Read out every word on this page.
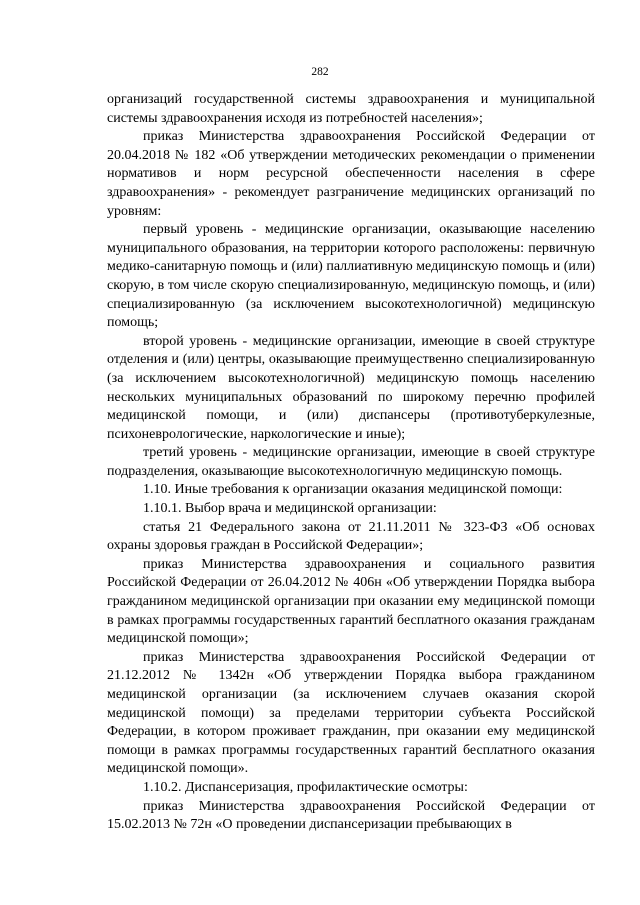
282

организаций государственной системы здравоохранения и муниципальной системы здравоохранения исходя из потребностей населения»;

приказ Министерства здравоохранения Российской Федерации от 20.04.2018 № 182 «Об утверждении методических рекомендации о применении нормативов и норм ресурсной обеспеченности населения в сфере здравоохранения» - рекомендует разграничение медицинских организаций по уровням:

первый уровень - медицинские организации, оказывающие населению муниципального образования, на территории которого расположены: первичную медико-санитарную помощь и (или) паллиативную медицинскую помощь и (или) скорую, в том числе скорую специализированную, медицинскую помощь, и (или) специализированную (за исключением высокотехнологичной) медицинскую помощь;

второй уровень - медицинские организации, имеющие в своей структуре отделения и (или) центры, оказывающие преимущественно специализированную (за исключением высокотехнологичной) медицинскую помощь населению нескольких муниципальных образований по широкому перечню профилей медицинской помощи, и (или) диспансеры (противотуберкулезные, психоневрологические, наркологические и иные);

третий уровень - медицинские организации, имеющие в своей структуре подразделения, оказывающие высокотехнологичную медицинскую помощь.

1.10. Иные требования к организации оказания медицинской помощи:

1.10.1. Выбор врача и медицинской организации:

статья 21 Федерального закона от 21.11.2011 № 323-ФЗ «Об основах охраны здоровья граждан в Российской Федерации»;

приказ Министерства здравоохранения и социального развития Российской Федерации от 26.04.2012 № 406н «Об утверждении Порядка выбора гражданином медицинской организации при оказании ему медицинской помощи в рамках программы государственных гарантий бесплатного оказания гражданам медицинской помощи»;

приказ Министерства здравоохранения Российской Федерации от 21.12.2012 № 1342н «Об утверждении Порядка выбора гражданином медицинской организации (за исключением случаев оказания скорой медицинской помощи) за пределами территории субъекта Российской Федерации, в котором проживает гражданин, при оказании ему медицинской помощи в рамках программы государственных гарантий бесплатного оказания медицинской помощи».

1.10.2. Диспансеризация, профилактические осмотры:

приказ Министерства здравоохранения Российской Федерации от 15.02.2013 № 72н «О проведении диспансеризации пребывающих в
